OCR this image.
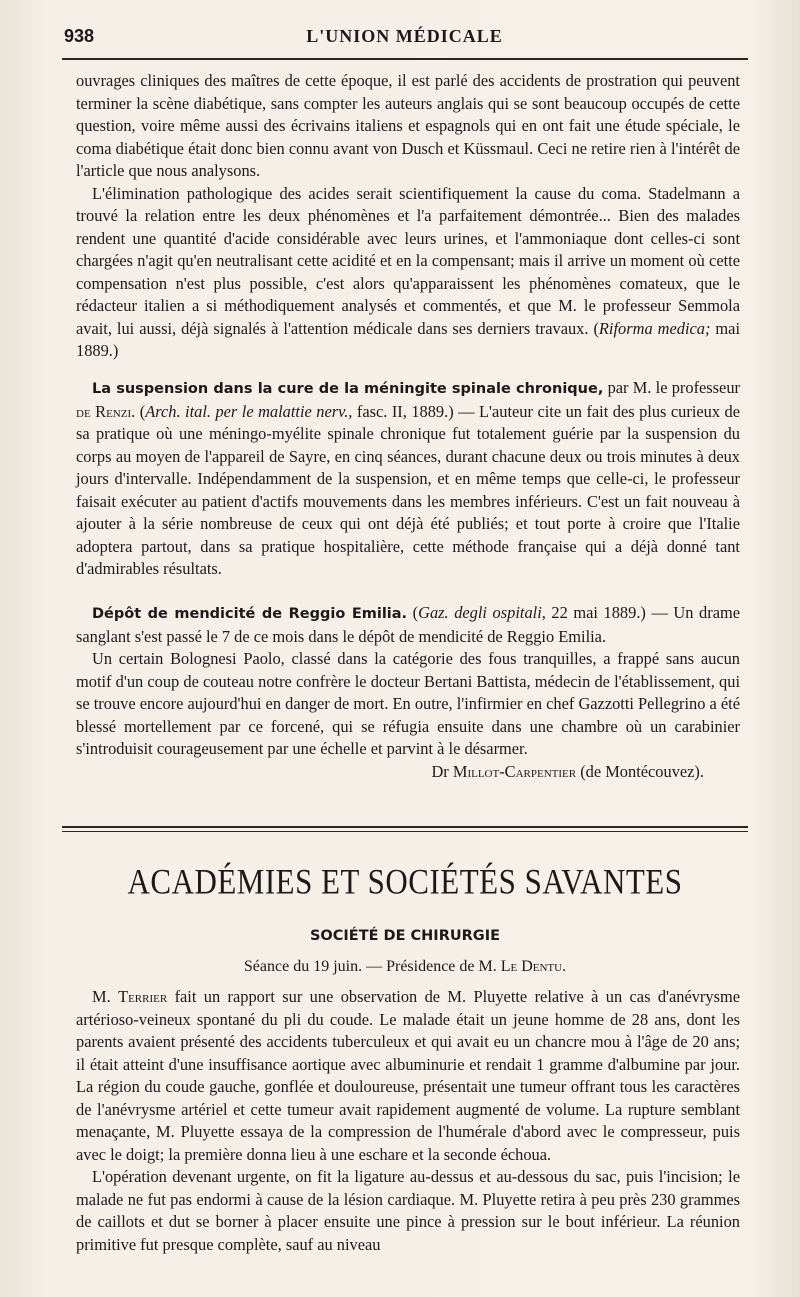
938	L'UNION MÉDICALE

ouvrages cliniques des maîtres de cette époque, il est parlé des accidents de prostration qui peuvent terminer la scène diabétique, sans compter les auteurs anglais qui se sont beaucoup occupés de cette question, voire même aussi des écrivains italiens et espagnols qui en ont fait une étude spéciale, le coma diabétique était donc bien connu avant von Dusch et Küssmaul. Ceci ne retire rien à l'intérêt de l'article que nous analysons.

L'élimination pathologique des acides serait scientifiquement la cause du coma. Stadelmann a trouvé la relation entre les deux phénomènes et l'a parfaitement démontrée... Bien des malades rendent une quantité d'acide considérable avec leurs urines, et l'ammoniaque dont celles-ci sont chargées n'agit qu'en neutralisant cette acidité et en la compensant; mais il arrive un moment où cette compensation n'est plus possible, c'est alors qu'apparaissent les phénomènes comateux, que le rédacteur italien a si méthodiquement analysés et commentés, et que M. le professeur Semmola avait, lui aussi, déjà signalés à l'attention médicale dans ses derniers travaux. (Riforma medica; mai 1889.)

La suspension dans la cure de la méningite spinale chronique, par M. le professeur de Renzi. (Arch. ital. per le malattie nerv., fasc. II, 1889.) — L'auteur cite un fait des plus curieux de sa pratique où une méningo-myélite spinale chronique fut totalement guérie par la suspension du corps au moyen de l'appareil de Sayre, en cinq séances, durant chacune deux ou trois minutes à deux jours d'intervalle. Indépendamment de la suspension, et en même temps que celle-ci, le professeur faisait exécuter au patient d'actifs mouvements dans les membres inférieurs. C'est un fait nouveau à ajouter à la série nombreuse de ceux qui ont déjà été publiés; et tout porte à croire que l'Italie adoptera partout, dans sa pratique hospitalière, cette méthode française qui a déjà donné tant d'admirables résultats.

Dépôt de mendicité de Reggio Emilia. (Gaz. degli ospitali, 22 mai 1889.) — Un drame sanglant s'est passé le 7 de ce mois dans le dépôt de mendicité de Reggio Emilia.

Un certain Bolognesi Paolo, classé dans la catégorie des fous tranquilles, a frappé sans aucun motif d'un coup de couteau notre confrère le docteur Bertani Battista, médecin de l'établissement, qui se trouve encore aujourd'hui en danger de mort. En outre, l'infirmier en chef Gazzotti Pellegrino a été blessé mortellement par ce forcené, qui se réfugia ensuite dans une chambre où un carabinier s'introduisit courageusement par une échelle et parvint à le désarmer.

Dr Millot-Carpentier (de Montécouvez).

ACADÉMIES ET SOCIÉTÉS SAVANTES
SOCIÉTÉ DE CHIRURGIE
Séance du 19 juin. — Présidence de M. Le Dentu.

M. Terrier fait un rapport sur une observation de M. Pluyette relative à un cas d'anévrysme artérioso-veineux spontané du pli du coude. Le malade était un jeune homme de 28 ans, dont les parents avaient présenté des accidents tuberculeux et qui avait eu un chancre mou à l'âge de 20 ans; il était atteint d'une insuffisance aortique avec albuminurie et rendait 1 gramme d'albumine par jour. La région du coude gauche, gonflée et douloureuse, présentait une tumeur offrant tous les caractères de l'anévrysme artériel et cette tumeur avait rapidement augmenté de volume. La rupture semblant menaçante, M. Pluyette essaya de la compression de l'humérale d'abord avec le compresseur, puis avec le doigt; la première donna lieu à une eschare et la seconde échoua.

L'opération devenant urgente, on fit la ligature au-dessus et au-dessous du sac, puis l'incision; le malade ne fut pas endormi à cause de la lésion cardiaque. M. Pluyette retira à peu près 230 grammes de caillots et dut se borner à placer ensuite une pince à pression sur le bout inférieur. La réunion primitive fut presque complète, sauf au niveau
